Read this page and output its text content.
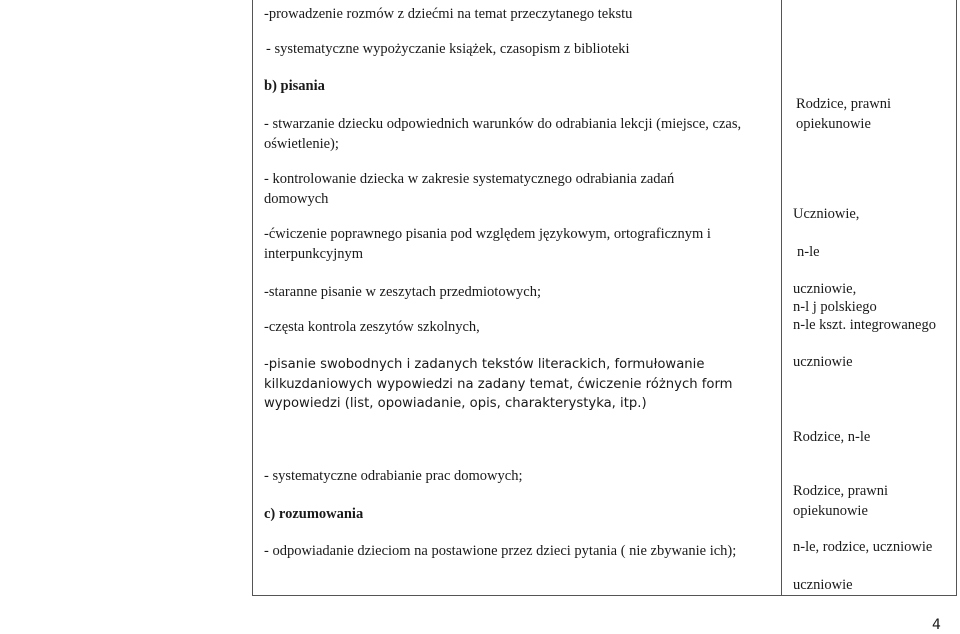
-prowadzenie rozmów z dziećmi na temat przeczytanego tekstu
- systematyczne wypożyczanie książek, czasopism z biblioteki
b) pisania
- stwarzanie dziecku odpowiednich warunków do odrabiania lekcji (miejsce, czas, oświetlenie);
- kontrolowanie dziecka w zakresie systematycznego odrabiania zadań domowych
-ćwiczenie poprawnego pisania pod względem językowym, ortograficznym i interpunkcyjnym
-staranne pisanie w zeszytach przedmiotowych;
-częsta kontrola zeszytów szkolnych,
-pisanie swobodnych i zadanych tekstów literackich, formułowanie kilkuzdaniowych wypowiedzi na zadany temat, ćwiczenie różnych form wypowiedzi (list, opowiadanie, opis, charakterystyka, itp.)
- systematyczne odrabianie prac domowych;
c) rozumowania
- odpowiadanie dzieciom na postawione przez dzieci pytania ( nie zbywanie ich);
Rodzice, prawni opiekunowie
Uczniowie,
n-le
uczniowie,
n-l j polskiego
n-le kszt. integrowanego
uczniowie
Rodzice, n-le
Rodzice, prawni opiekunowie
n-le, rodzice, uczniowie
uczniowie
4
